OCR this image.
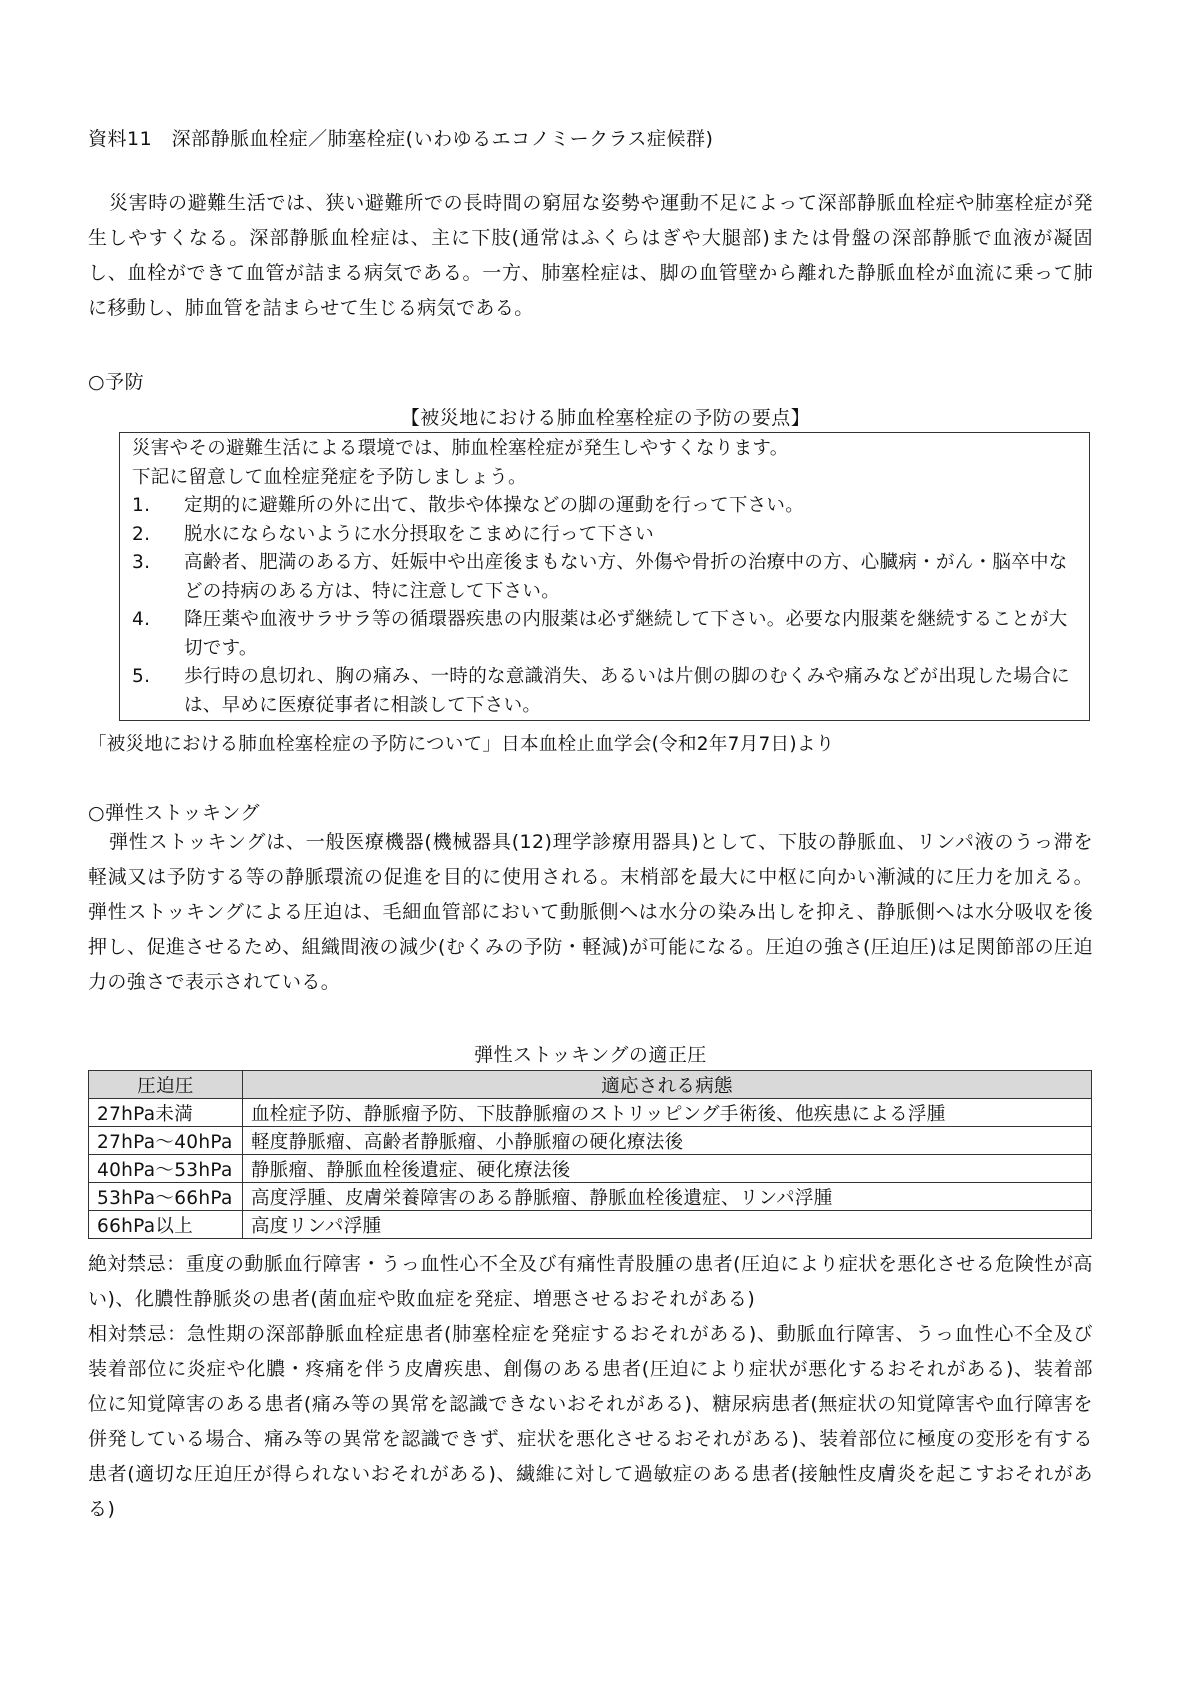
資料11　深部静脈血栓症／肺塞栓症(いわゆるエコノミークラス症候群)
災害時の避難生活では、狭い避難所での長時間の窮屈な姿勢や運動不足によって深部静脈血栓症や肺塞栓症が発生しやすくなる。深部静脈血栓症は、主に下肢(通常はふくらはぎや大腿部)または骨盤の深部静脈で血液が凝固し、血栓ができて血管が詰まる病気である。一方、肺塞栓症は、脚の血管壁から離れた静脈血栓が血流に乗って肺に移動し、肺血管を詰まらせて生じる病気である。
○予防
【被災地における肺血栓塞栓症の予防の要点】
災害やその避難生活による環境では、肺血栓塞栓症が発生しやすくなります。
下記に留意して血栓症発症を予防しましょう。
1.	定期的に避難所の外に出て、散歩や体操などの脚の運動を行って下さい。
2.	脱水にならないように水分摂取をこまめに行って下さい
3.	高齢者、肥満のある方、妊娠中や出産後まもない方、外傷や骨折の治療中の方、心臓病・がん・脳卒中などの持病のある方は、特に注意して下さい。
4.	降圧薬や血液サラサラ等の循環器疾患の内服薬は必ず継続して下さい。必要な内服薬を継続することが大切です。
5.	歩行時の息切れ、胸の痛み、一時的な意識消失、あるいは片側の脚のむくみや痛みなどが出現した場合には、早めに医療従事者に相談して下さい。
「被災地における肺血栓塞栓症の予防について」日本血栓止血学会(令和2年7月7日)より
○弾性ストッキング
弾性ストッキングは、一般医療機器(機械器具(12)理学診療用器具)として、下肢の静脈血、リンパ液のうっ滞を軽減又は予防する等の静脈環流の促進を目的に使用される。末梢部を最大に中枢に向かい漸減的に圧力を加える。弾性ストッキングによる圧迫は、毛細血管部において動脈側へは水分の染み出しを抑え、静脈側へは水分吸収を後押し、促進させるため、組織間液の減少(むくみの予防・軽減)が可能になる。圧迫の強さ(圧迫圧)は足関節部の圧迫力の強さで表示されている。
弾性ストッキングの適正圧
圧迫圧	適応される病態
27hPa未満	血栓症予防、静脈瘤予防、下肢静脈瘤のストリッピング手術後、他疾患による浮腫
27hPa～40hPa	軽度静脈瘤、高齢者静脈瘤、小静脈瘤の硬化療法後
40hPa～53hPa	静脈瘤、静脈血栓後遺症、硬化療法後
53hPa～66hPa	高度浮腫、皮膚栄養障害のある静脈瘤、静脈血栓後遺症、リンパ浮腫
66hPa以上	高度リンパ浮腫

絶対禁忌：重度の動脈血行障害・うっ血性心不全及び有痛性青股腫の患者(圧迫により症状を悪化させる危険性が高い)、化膿性静脈炎の患者(菌血症や敗血症を発症、増悪させるおそれがある)

相対禁忌：急性期の深部静脈血栓症患者(肺塞栓症を発症するおそれがある)、動脈血行障害、うっ血性心不全及び装着部位に炎症や化膿・疼痛を伴う皮膚疾患、創傷のある患者(圧迫により症状が悪化するおそれがある)、装着部位に知覚障害のある患者(痛み等の異常を認識できないおそれがある)、糖尿病患者(無症状の知覚障害や血行障害を併発している場合、痛み等の異常を認識できず、症状を悪化させるおそれがある)、装着部位に極度の変形を有する患者(適切な圧迫圧が得られないおそれがある)、繊維に対して過敏症のある患者(接触性皮膚炎を起こすおそれがある)
